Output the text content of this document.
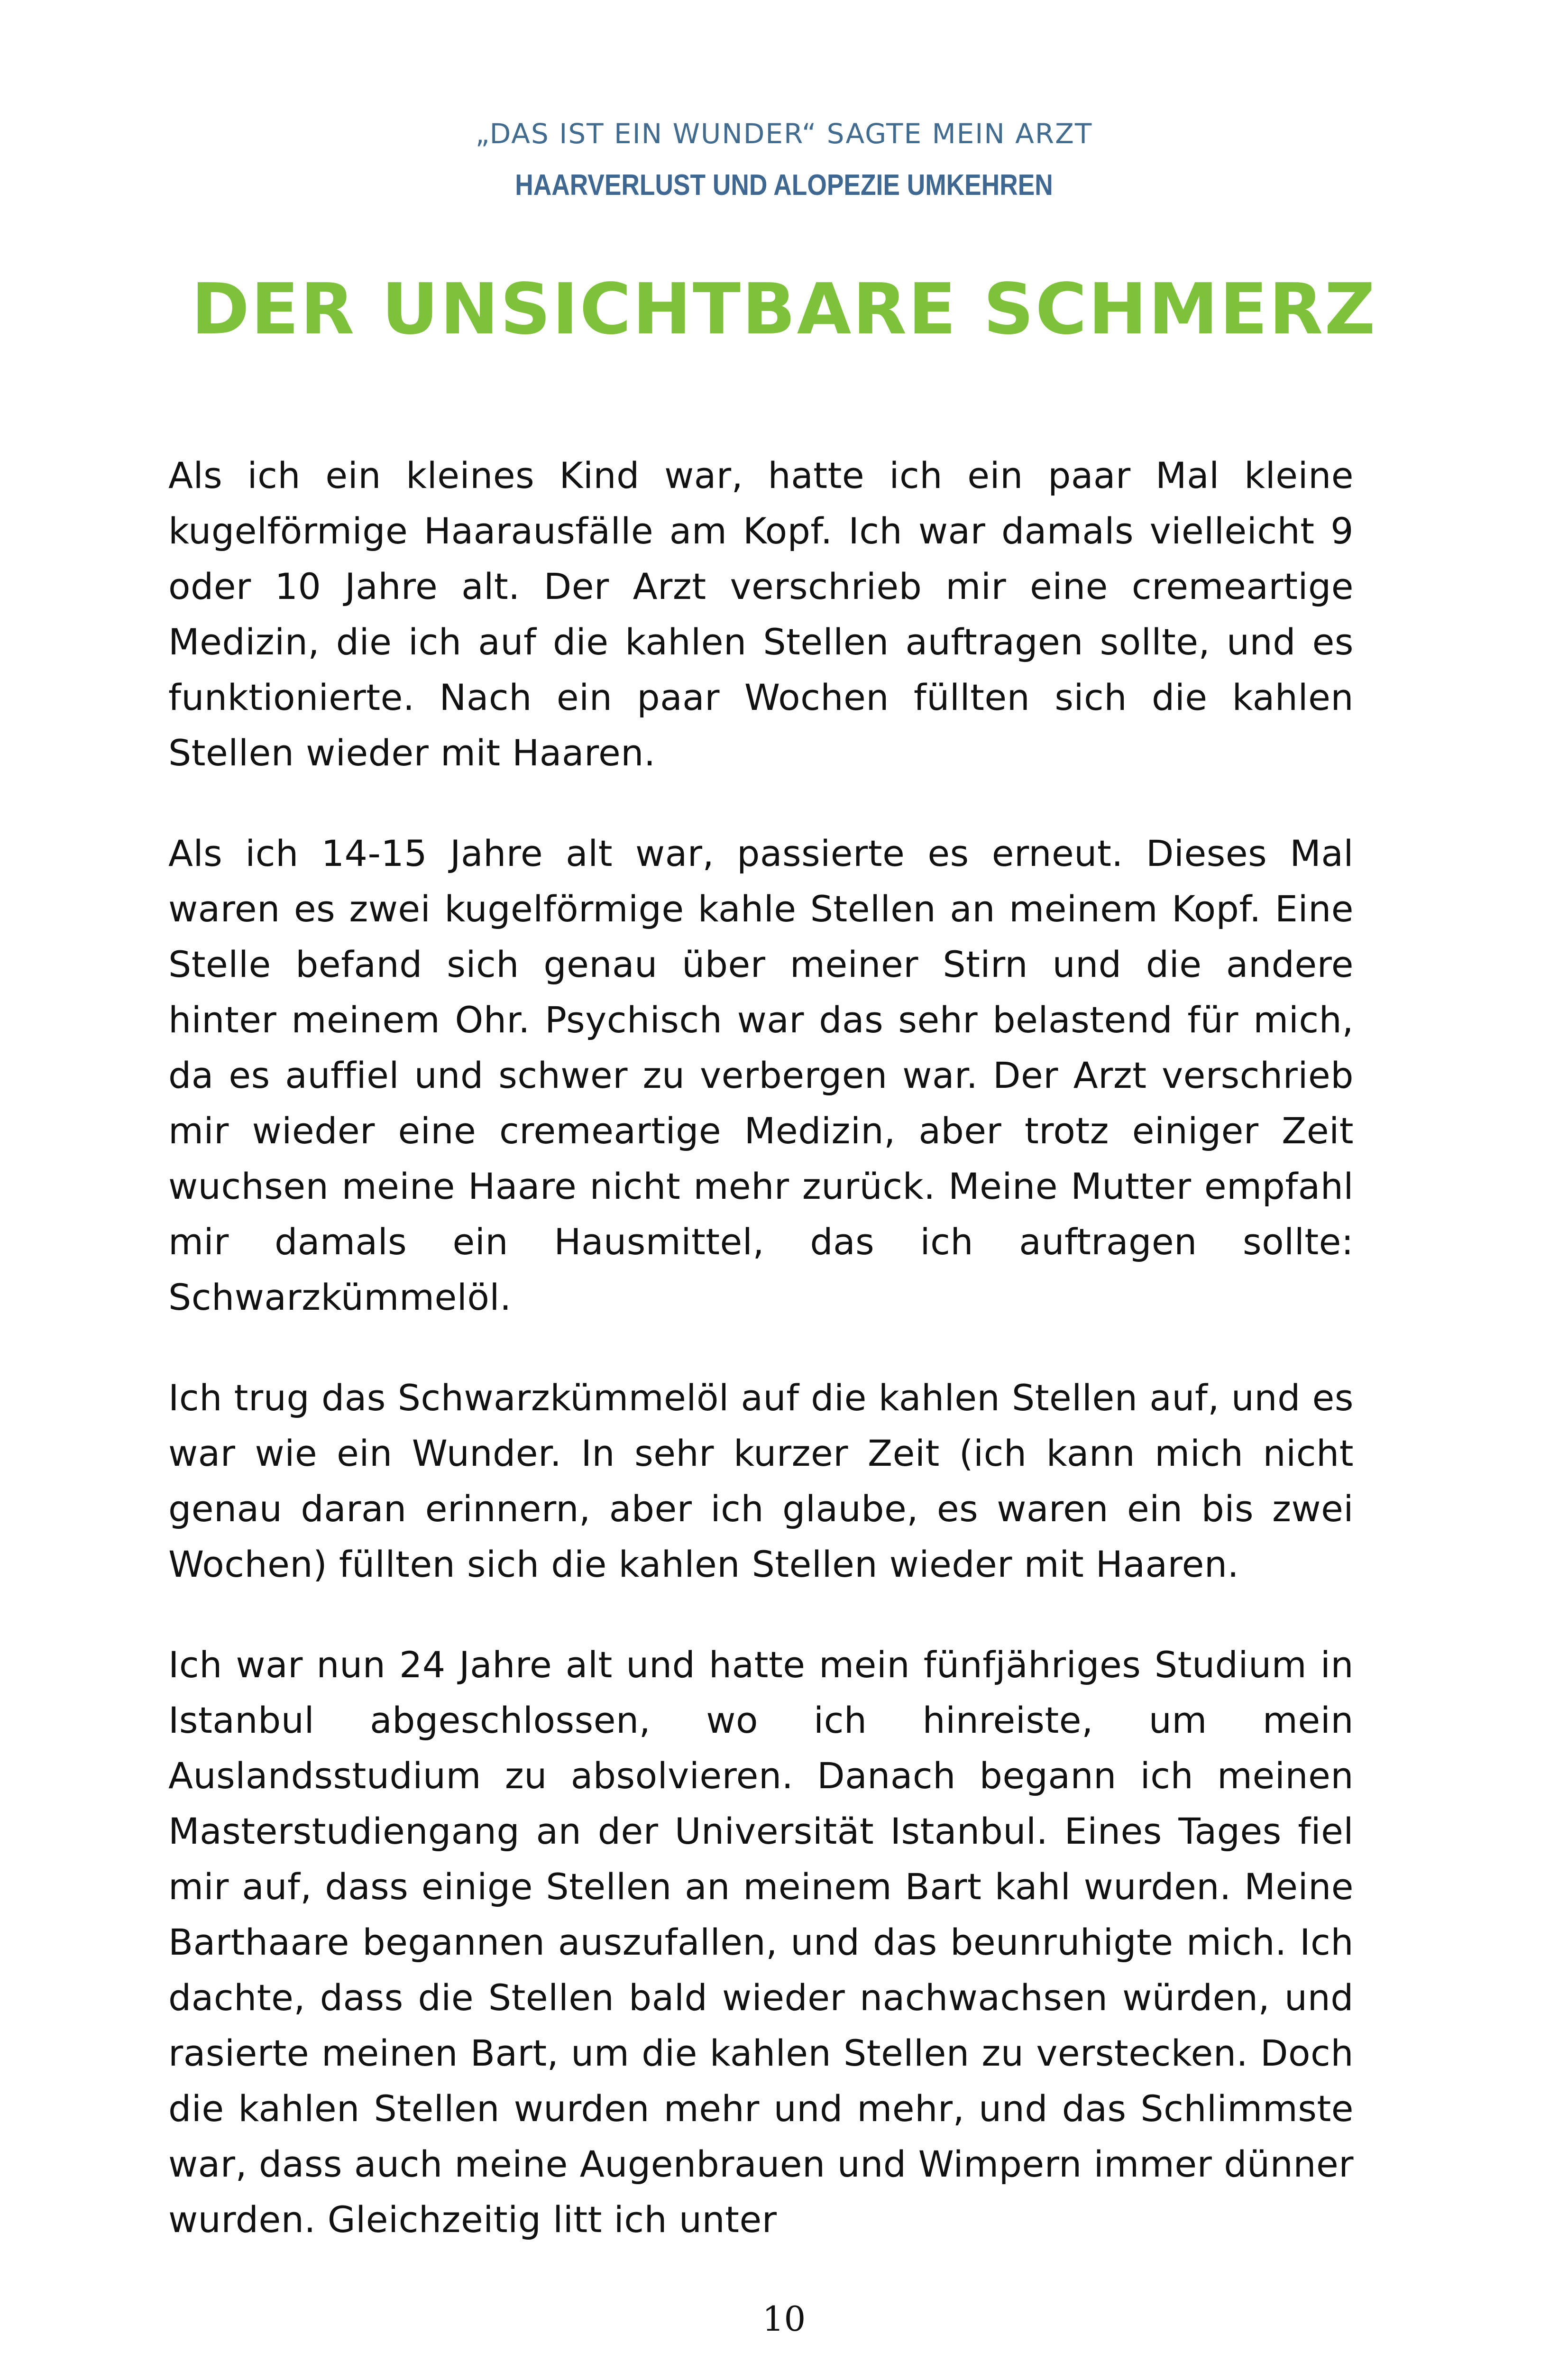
„DAS IST EIN WUNDER“ SAGTE MEIN ARZT
HAARVERLUST UND ALOPEZIE UMKEHREN
DER UNSICHTBARE SCHMERZ

Als ich ein kleines Kind war, hatte ich ein paar Mal kleine kugelförmige Haarausfälle am Kopf. Ich war damals vielleicht 9 oder 10 Jahre alt. Der Arzt verschrieb mir eine cremeartige Medizin, die ich auf die kahlen Stellen auftragen sollte, und es funktionierte. Nach ein paar Wochen füllten sich die kahlen Stellen wieder mit Haaren.

Als ich 14-15 Jahre alt war, passierte es erneut. Dieses Mal waren es zwei kugelförmige kahle Stellen an meinem Kopf. Eine Stelle befand sich genau über meiner Stirn und die andere hinter meinem Ohr. Psychisch war das sehr belastend für mich, da es auffiel und schwer zu verbergen war. Der Arzt verschrieb mir wieder eine cremeartige Medizin, aber trotz einiger Zeit wuchsen meine Haare nicht mehr zurück. Meine Mutter empfahl mir damals ein Hausmittel, das ich auftragen sollte: Schwarzkümmelöl.

Ich trug das Schwarzkümmelöl auf die kahlen Stellen auf, und es war wie ein Wunder. In sehr kurzer Zeit (ich kann mich nicht genau daran erinnern, aber ich glaube, es waren ein bis zwei Wochen) füllten sich die kahlen Stellen wieder mit Haaren.

Ich war nun 24 Jahre alt und hatte mein fünfjähriges Studium in Istanbul abgeschlossen, wo ich hinreiste, um mein Auslandsstudium zu absolvieren. Danach begann ich meinen Masterstudiengang an der Universität Istanbul. Eines Tages fiel mir auf, dass einige Stellen an meinem Bart kahl wurden. Meine Barthaare begannen auszufallen, und das beunruhigte mich. Ich dachte, dass die Stellen bald wieder nachwachsen würden, und rasierte meinen Bart, um die kahlen Stellen zu verstecken. Doch die kahlen Stellen wurden mehr und mehr, und das Schlimmste war, dass auch meine Augenbrauen und Wimpern immer dünner wurden. Gleichzeitig litt ich unter

10
